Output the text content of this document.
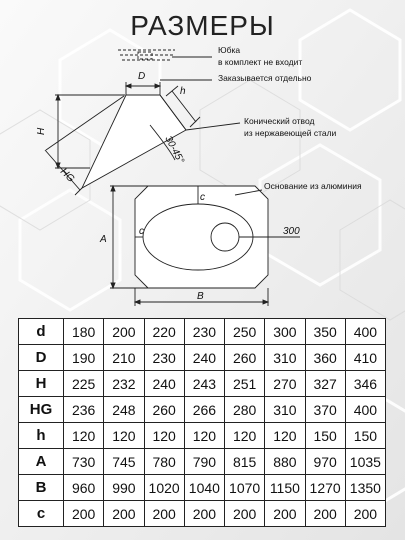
РАЗМЕРЫ
D
h
H
HG
30-45°
A
B
c
c
300
Юбка
в комплект не входит
Заказывается отдельно
Конический отвод
из нержавеющей стали
Основание из алюминия
d	180	200	220	230	250	300	350	400
D	190	210	230	240	260	310	360	410
H	225	232	240	243	251	270	327	346
HG	236	248	260	266	280	310	370	400
h	120	120	120	120	120	120	150	150
A	730	745	780	790	815	880	970	1035
B	960	990	1020	1040	1070	1150	1270	1350
c	200	200	200	200	200	200	200	200
